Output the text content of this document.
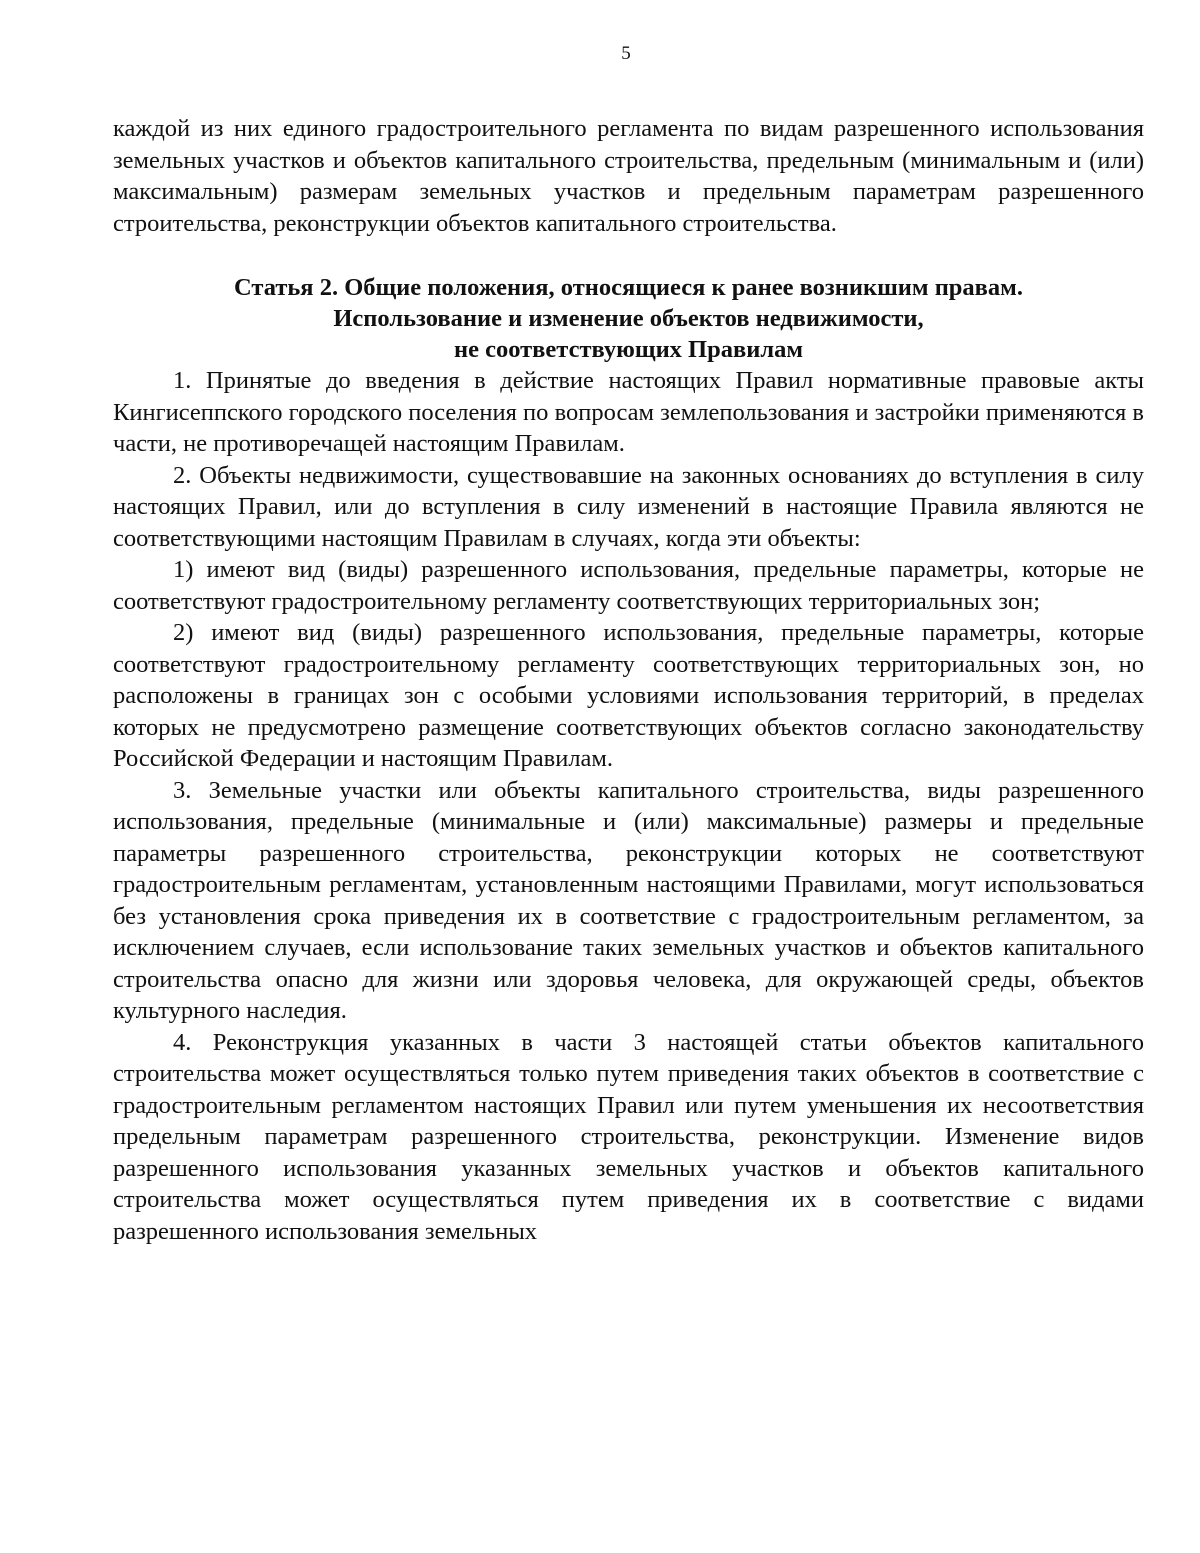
5

каждой из них единого градостроительного регламента по видам разрешенного использования земельных участков и объектов капитального строительства, предельным (минимальным и (или) максимальным) размерам земельных участков и предельным параметрам разрешенного строительства, реконструкции объектов капитального строительства.

Статья 2. Общие положения, относящиеся к ранее возникшим правам.

Использование и изменение объектов недвижимости,

не соответствующих Правилам

1. Принятые до введения в действие настоящих Правил нормативные правовые акты Кингисеппского городского поселения по вопросам землепользования и застройки применяются в части, не противоречащей настоящим Правилам.

2. Объекты недвижимости, существовавшие на законных основаниях до вступления в силу настоящих Правил, или до вступления в силу изменений в настоящие Правила являются не соответствующими настоящим Правилам в случаях, когда эти объекты:

1) имеют вид (виды) разрешенного использования, предельные параметры, которые не соответствуют градостроительному регламенту соответствующих территориальных зон;

2) имеют вид (виды) разрешенного использования, предельные параметры, которые соответствуют градостроительному регламенту соответствующих территориальных зон, но расположены в границах зон с особыми условиями использования территорий, в пределах которых не предусмотрено размещение соответствующих объектов согласно законодательству Российской Федерации и настоящим Правилам.

3. Земельные участки или объекты капитального строительства, виды разрешенного использования, предельные (минимальные и (или) максимальные) размеры и предельные параметры разрешенного строительства, реконструкции которых не соответствуют градостроительным регламентам, установленным настоящими Правилами, могут использоваться без установления срока приведения их в соответствие с градостроительным регламентом, за исключением случаев, если использование таких земельных участков и объектов капитального строительства опасно для жизни или здоровья человека, для окружающей среды, объектов культурного наследия.

4. Реконструкция указанных в части 3 настоящей статьи объектов капитального строительства может осуществляться только путем приведения таких объектов в соответствие с градостроительным регламентом настоящих Правил или путем уменьшения их несоответствия предельным параметрам разрешенного строительства, реконструкции. Изменение видов разрешенного использования указанных земельных участков и объектов капитального строительства может осуществляться путем приведения их в соответствие с видами разрешенного использования земельных
